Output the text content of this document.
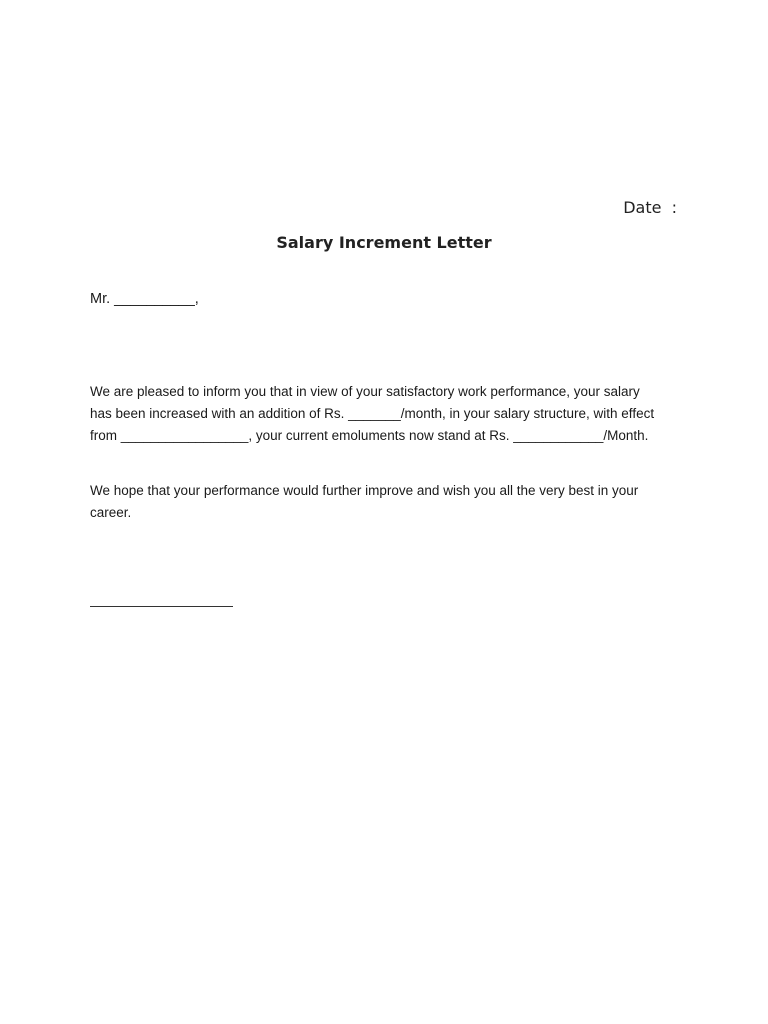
Date  :
Salary Increment Letter
Mr. __________,
We are pleased to inform you that in view of your satisfactory work performance, your salary
has been increased with an addition of Rs. _______/month, in your salary structure, with effect
from _________________, your current emoluments now stand at Rs. ____________/Month.
We hope that your performance would further improve and wish you all the very best in your
career.
